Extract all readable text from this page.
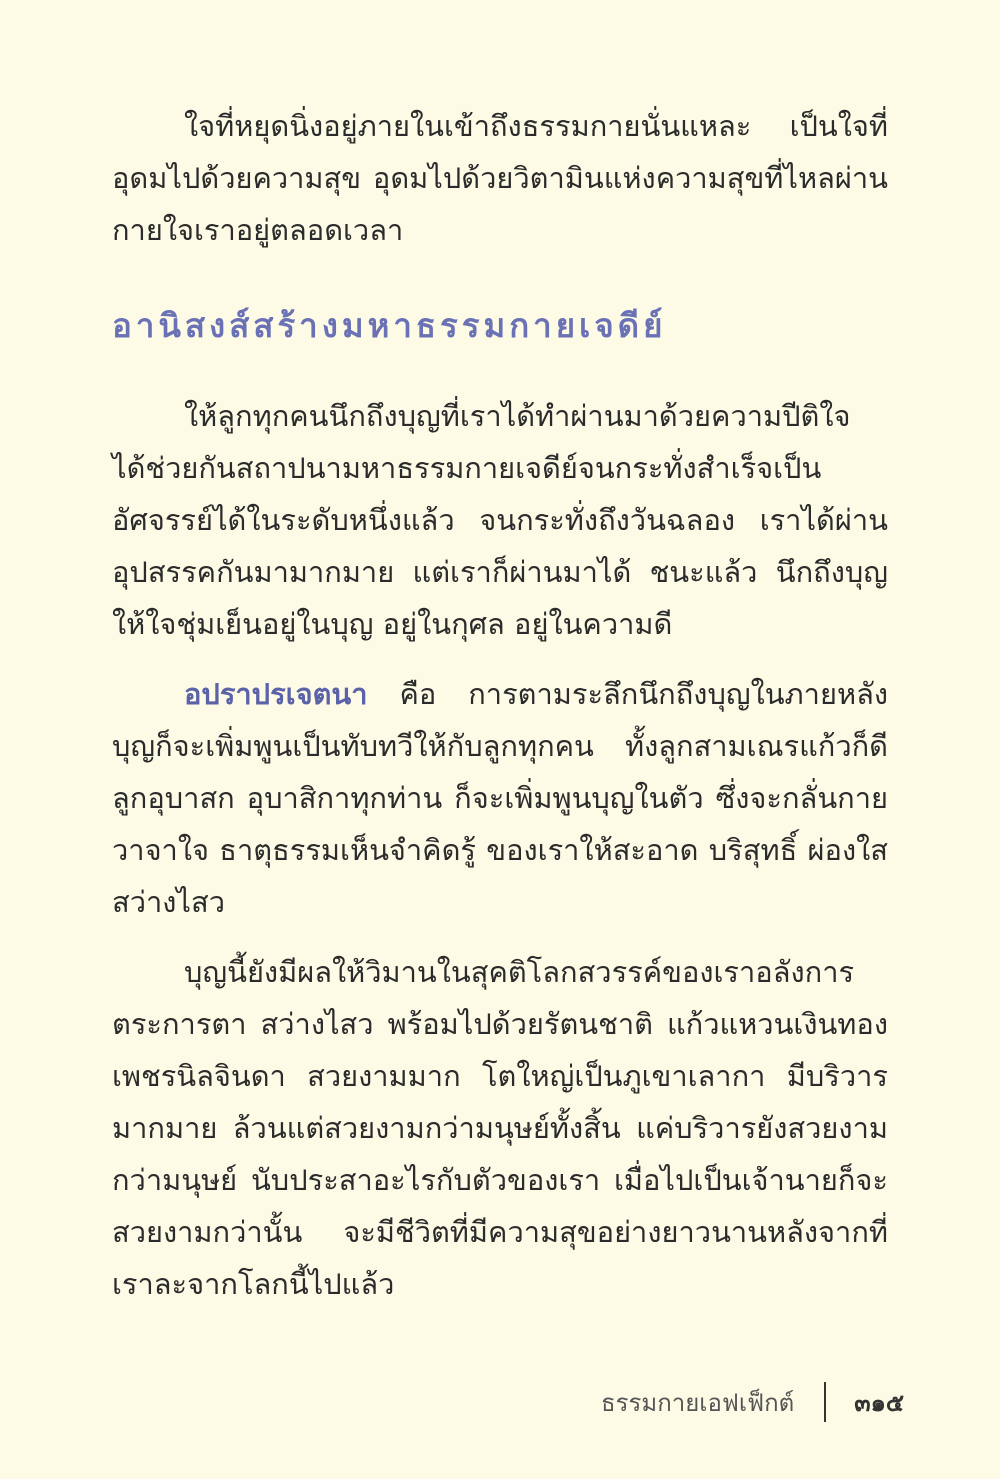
ใจที่หยุดนิ่งอยู่ภายในเข้าถึงธรรมกายนั่นแหละ เป็นใจที่อุดมไปด้วยความสุข อุดมไปด้วยวิตามินแห่งความสุขที่ไหลผ่านกายใจเราอยู่ตลอดเวลา

อานิสงส์สร้างมหาธรรมกายเจดีย์

ให้ลูกทุกคนนึกถึงบุญที่เราได้ทำผ่านมาด้วยความปีติใจ ได้ช่วยกันสถาปนามหาธรรมกายเจดีย์จนกระทั่งสำเร็จเป็นอัศจรรย์ได้ในระดับหนึ่งแล้ว จนกระทั่งถึงวันฉลอง เราได้ผ่านอุปสรรคกันมามากมาย แต่เราก็ผ่านมาได้ ชนะแล้ว นึกถึงบุญให้ใจชุ่มเย็นอยู่ในบุญ อยู่ในกุศล อยู่ในความดี

อปราปรเจตนา คือ การตามระลึกนึกถึงบุญในภายหลัง บุญก็จะเพิ่มพูนเป็นทับทวีให้กับลูกทุกคน ทั้งลูกสามเณรแก้วก็ดี ลูกอุบาสก อุบาสิกาทุกท่าน ก็จะเพิ่มพูนบุญในตัว ซึ่งจะกลั่นกายวาจาใจ ธาตุธรรมเห็นจำคิดรู้ ของเราให้สะอาด บริสุทธิ์ ผ่องใส สว่างไสว

บุญนี้ยังมีผลให้วิมานในสุคติโลกสวรรค์ของเราอลังการตระการตา สว่างไสว พร้อมไปด้วยรัตนชาติ แก้วแหวนเงินทองเพชรนิลจินดา สวยงามมาก โตใหญ่เป็นภูเขาเลากา มีบริวารมากมาย ล้วนแต่สวยงามกว่ามนุษย์ทั้งสิ้น แค่บริวารยังสวยงามกว่ามนุษย์ นับประสาอะไรกับตัวของเรา เมื่อไปเป็นเจ้านายก็จะสวยงามกว่านั้น จะมีชีวิตที่มีความสุขอย่างยาวนานหลังจากที่เราละจากโลกนี้ไปแล้ว

ธรรมกายเอฟเฟ็กต์	๓๑๕
